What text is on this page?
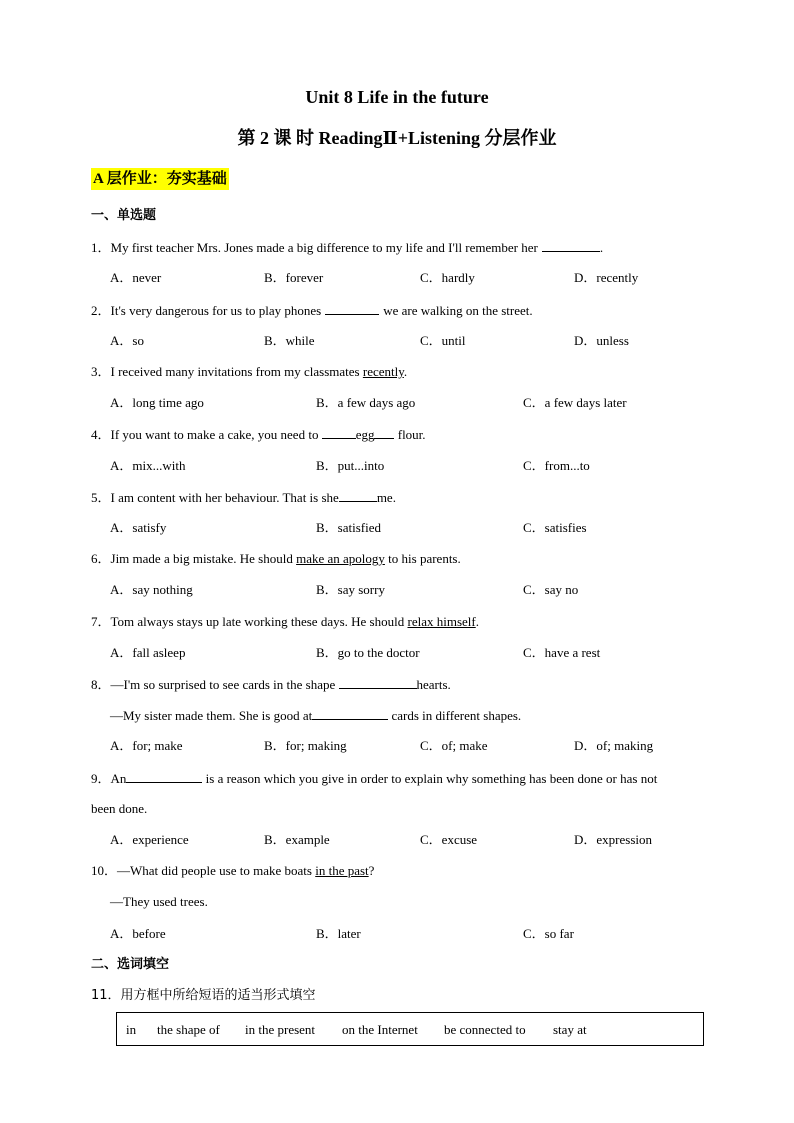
Unit 8 Life in the future
第 2 课 时 ReadingⅡ+Listening 分层作业
A 层作业：夯实基础
一、单选题
1．My first teacher Mrs. Jones made a big difference to my life and I'll remember her	.
A．never	B．forever	C．hardly	D．recently
2．It's very dangerous for us to play phones	we are walking on the street.
A．so	B．while	C．until	D．unless
3．I received many invitations from my classmates recently.
A．long time ago	B．a few days ago	C．a few days later
4．If you want to make a cake, you need to	egg flour.
A．mix...with	B．put...into	C．from...to
5．I am content with her behaviour. That is she	me.
A．satisfy	B．satisfied	C．satisfies
6．Jim made a big mistake. He should make an apology to his parents.
A．say nothing	B．say sorry	C．say no
7．Tom always stays up late working these days. He should relax himself.
A．fall asleep	B．go to the doctor	C．have a rest
8．—I'm so surprised to see cards in the shape	hearts.
—My sister made them. She is good at	cards in different shapes.
A．for; make	B．for; making	C．of; make	D．of; making
9．An	is a reason which you give in order to explain why something has been done or has not
been done.
A．experience	B．example	C．excuse	D．expression
10．—What did people use to make boats in the past?
—They used trees.
A．before	B．later	C．so far
二、选词填空
11．用方框中所给短语的适当形式填空
in the shape of in the present on the Internet be connected to stay at
